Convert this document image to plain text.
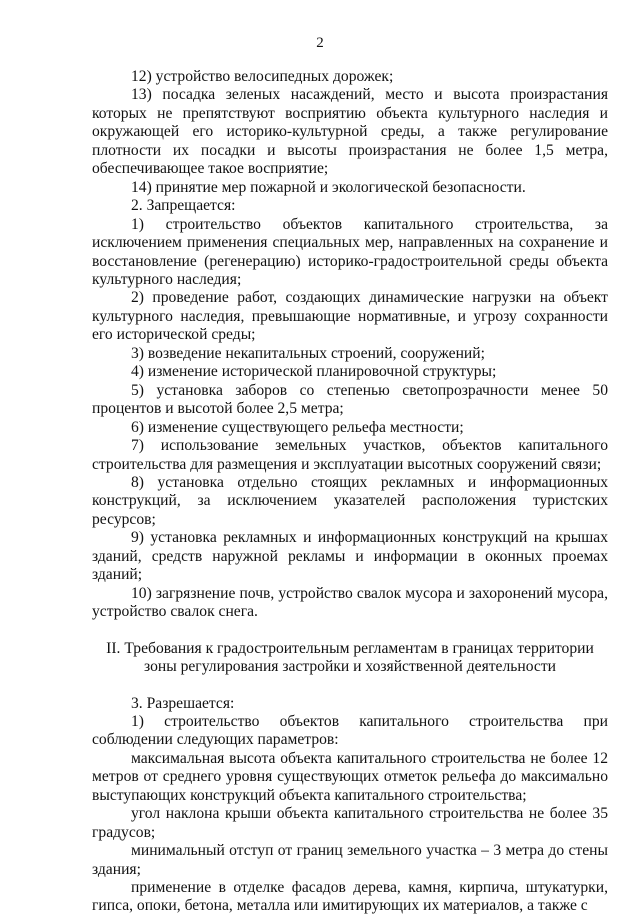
2

12) устройство велосипедных дорожек;

13) посадка зеленых насаждений, место и высота произрастания которых не препятствуют восприятию объекта культурного наследия и окружающей его историко-культурной среды, а также регулирование плотности их посадки и высоты произрастания не более 1,5 метра, обеспечивающее такое восприятие;

14) принятие мер пожарной и экологической безопасности.

2. Запрещается:

1) строительство объектов капитального строительства, за исключением применения специальных мер, направленных на сохранение и восстановление (регенерацию) историко-градостроительной среды объекта культурного наследия;

2) проведение работ, создающих динамические нагрузки на объект культурного наследия, превышающие нормативные, и угрозу сохранности его исторической среды;

3) возведение некапитальных строений, сооружений;

4) изменение исторической планировочной структуры;

5) установка заборов со степенью светопрозрачности менее 50 процентов и высотой более 2,5 метра;

6) изменение существующего рельефа местности;

7) использование земельных участков, объектов капитального строительства для размещения и эксплуатации высотных сооружений связи;

8) установка отдельно стоящих рекламных и информационных конструкций, за исключением указателей расположения туристских ресурсов;

9) установка рекламных и информационных конструкций на крышах зданий, средств наружной рекламы и информации в оконных проемах зданий;

10) загрязнение почв, устройство свалок мусора и захоронений мусора, устройство свалок снега.

II. Требования к градостроительным регламентам в границах территории
зоны регулирования застройки и хозяйственной деятельности

3. Разрешается:

1) строительство объектов капитального строительства при соблюдении следующих параметров:

максимальная высота объекта капитального строительства не более 12 метров от среднего уровня существующих отметок рельефа до максимально выступающих конструкций объекта капитального строительства;

угол наклона крыши объекта капитального строительства не более 35 градусов;

минимальный отступ от границ земельного участка – 3 метра до стены здания;

применение в отделке фасадов дерева, камня, кирпича, штукатурки, гипса, опоки, бетона, металла или имитирующих их материалов, а также с
